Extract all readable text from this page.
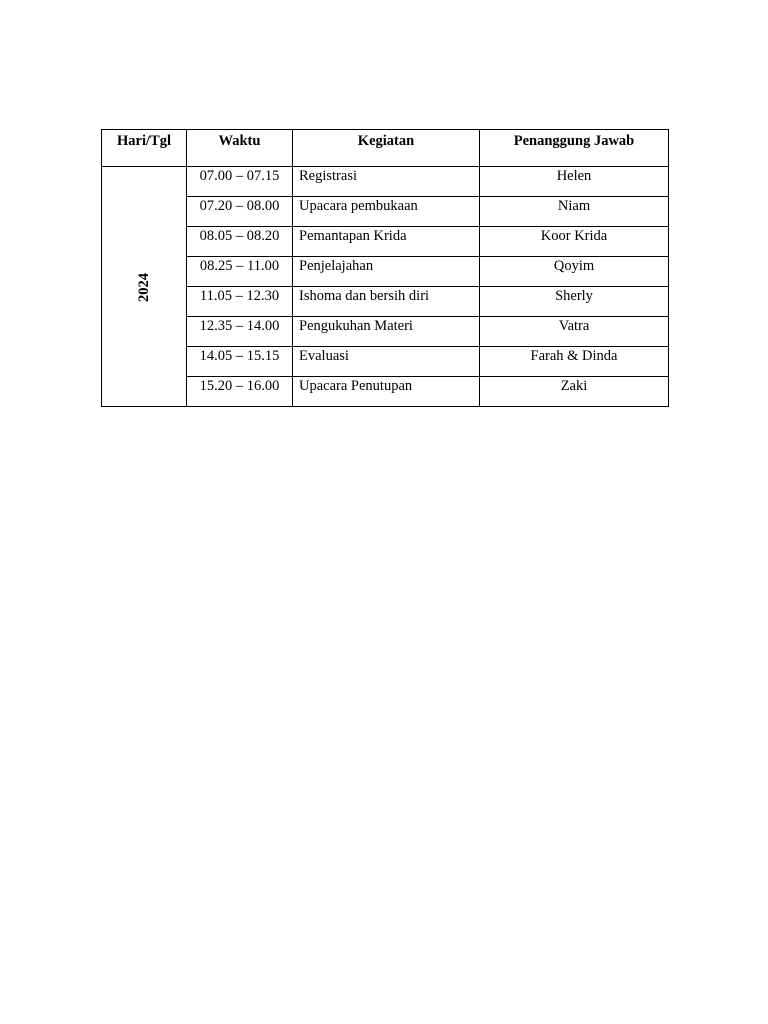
Hari/Tgl	Waktu	Kegiatan	Penanggung Jawab
2024	07.00 – 07.15	Registrasi	Helen
	07.20 – 08.00	Upacara pembukaan	Niam
	08.05 – 08.20	Pemantapan Krida	Koor Krida
	08.25 – 11.00	Penjelajahan	Qoyim
	11.05 – 12.30	Ishoma dan bersih diri	Sherly
	12.35 – 14.00	Pengukuhan Materi	Vatra
	14.05 – 15.15	Evaluasi	Farah & Dinda
	15.20 – 16.00	Upacara Penutupan	Zaki
